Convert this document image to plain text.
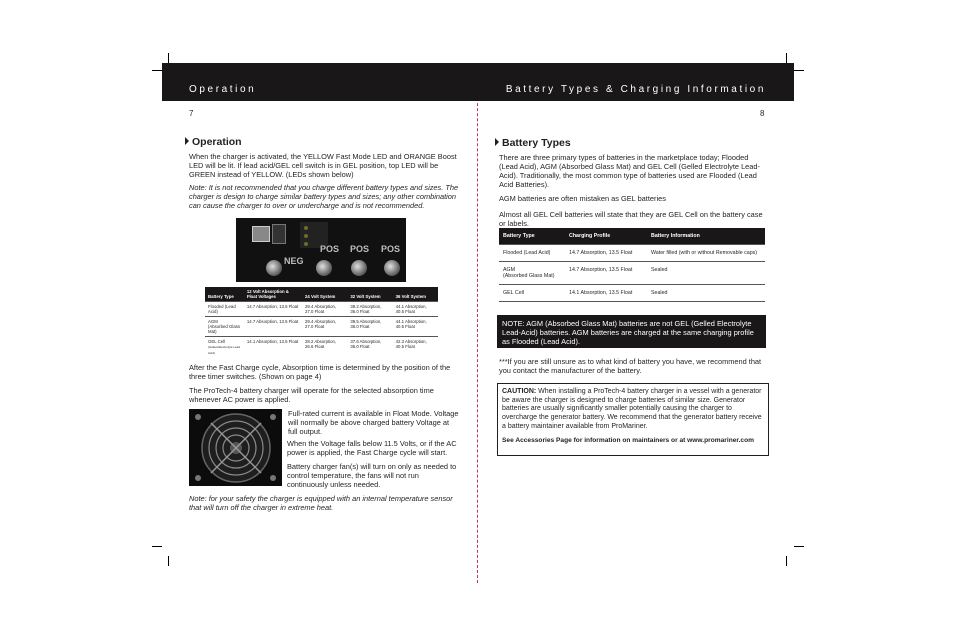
Operation	Battery Types & Charging Information
7	8
Operation
When the charger is activated, the YELLOW Fast Mode LED and ORANGE Boost LED will be lit. If lead acid/GEL cell switch is in GEL position, top LED will be GREEN instead of YELLOW. (LEDs shown below)
Note: It is not recommended that you charge different battery types and sizes. The charger is design to charge similar battery types and sizes; any other combination can cause the charger to over or undercharge and is not recommended.
NEG
POS POS POS
Battery Type	12 Volt Absorption & Float Voltages	24 Volt System	32 Volt System	36 Volt System
Flooded (Lead Acid)	14.7 Absorption, 13.5 Float	29.4 Absorption, 27.0 Float	39.2 Absorption, 36.0 Float	44.1 Absorption, 40.5 Float
AGM
(Absorbed Glass Mat)	14.7 Absorption, 13.5 Float	29.4 Absorption, 27.0 Float	39.5 Absorption, 36.0 Float	44.1 Absorption, 40.5 Float
GEL Cell
(Gelled Electrolyte Lead Acid)	14.1 Absorption, 13.5 Float	28.2 Absorption, 26.6 Float	37.6 Absorption, 36.0 Float	42.3 Absorption, 40.5 Float
After the Fast Charge cycle, Absorption time is determined by the position of the three timer switches. (Shown on page 4)
The ProTech-4 battery charger will operate for the selected absorption time whenever AC power is applied.
Full-rated current is available in Float Mode. Voltage will normally be above charged battery Voltage at full output.
When the Voltage falls below 11.5 Volts, or if the AC power is applied, the Fast Charge cycle will start.
Battery charger fan(s) will turn on only as needed to control temperature, the fans will not run continuously unless needed.
Note: for your safety the charger is equipped with an internal temperature sensor that will turn off the charger in extreme heat.
Battery Types
There are three primary types of batteries in the marketplace today; Flooded (Lead Acid), AGM (Absorbed Glass Mat) and GEL Cell (Gelled Electrolyte Lead-Acid). Traditionally, the most common type of batteries used are Flooded (Lead Acid Batteries).
AGM batteries are often mistaken as GEL batteries
Almost all GEL Cell batteries will state that they are GEL Cell on the battery case or labels.
Battery Type	Charging Profile	Battery Information
Flooded (Lead Acid)	14.7 Absorption, 13.5 Float	Water filled (with or without Removable caps)
AGM
(Absorbed Glass Mat)	14.7 Absorption, 13.5 Float	Sealed
GEL Cell	14.1 Absorption, 13.5 Float	Sealed
NOTE: AGM (Absorbed Glass Mat) batteries are not GEL (Gelled Electrolyte Lead-Acid) batteries. AGM batteries are charged at the same charging profile as Flooded (Lead Acid).
***If you are still unsure as to what kind of battery you have, we recommend that you contact the manufacturer of the battery.
CAUTION: When installing a ProTech-4 battery charger in a vessel with a generator be aware the charger is designed to charge batteries of similar size. Generator batteries are usually significantly smaller potentially causing the charger to overcharge the generator battery. We recommend that the generator battery receive a battery maintainer available from ProMariner.
See Accessories Page for information on maintainers or at www.promariner.com
